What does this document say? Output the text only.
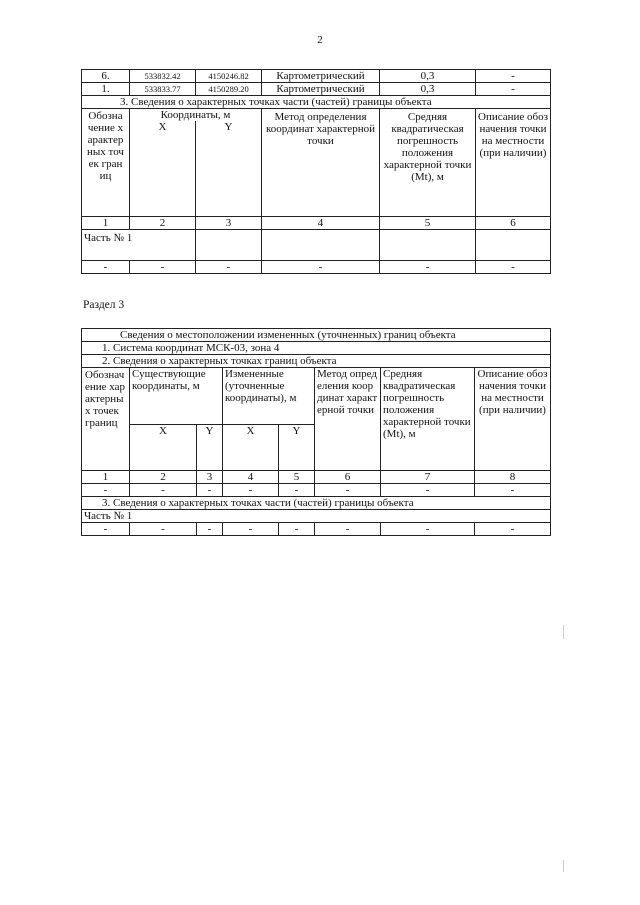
2
6.	533832.42	4150246.82	Картометрический	0,3	-
1.	533833.77	4150289.20	Картометрический	0,3	-
3. Сведения о характерных точках части (частей) границы объекта					
Обозначение характерных точек границ	Координаты, м		Метод определения координат характерной точки	Средняя квадратическая погрешность положения характерной точки (Mt), м	Описание обозначения точки на местности (при наличии)
	X	Y			
1	2	3	4	5	6
Часть № 1					
-	-	-	-	-	-
Раздел 3
Сведения о местоположении измененных (уточненных) границ объекта							
1. Система координат МСК-03, зона 4							
2. Сведения о характерных точках границ объекта							
Обозначение характерных точек границ	Существующие координаты, м		Измененные (уточненные координаты), м		Метод определения координат характерной точки	Средняя квадратическая погрешность положения характерной точки (Mt), м	Описание обозначения точки на местности (при наличии)
	X	Y	X	Y			
1	2	3	4	5	6	7	8
-	-	-	-	-	-	-	-
3. Сведения о характерных точках части (частей) границы объекта							
Часть № 1							
-	-	-	-	-	-	-	-
